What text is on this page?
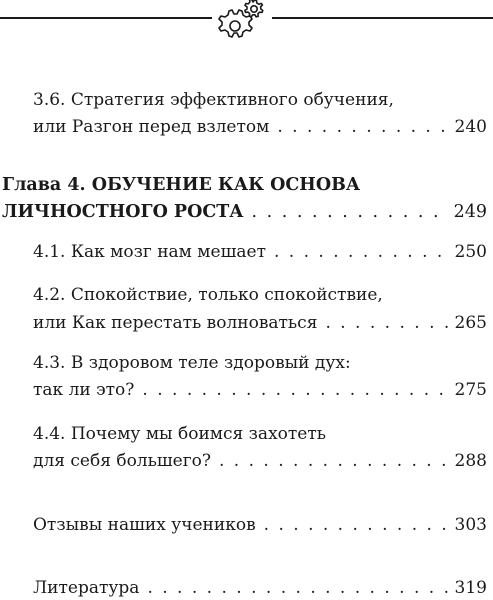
3.6. Стратегия эффективного обучения,
или Разгон перед взлетом . . .	240
Глава 4. ОБУЧЕНИЕ КАК ОСНОВА
ЛИЧНОСТНОГО РОСТА . . .	249
4.1. Как мозг нам мешает . . .	250
4.2. Спокойствие, только спокойствие,
или Как перестать волноваться . . .	265
4.3. В здоровом теле здоровый дух:
так ли это? . . .	275
4.4. Почему мы боимся захотеть
для себя большего? . . .	288
Отзывы наших учеников . . .	303
Литература . . .	319
